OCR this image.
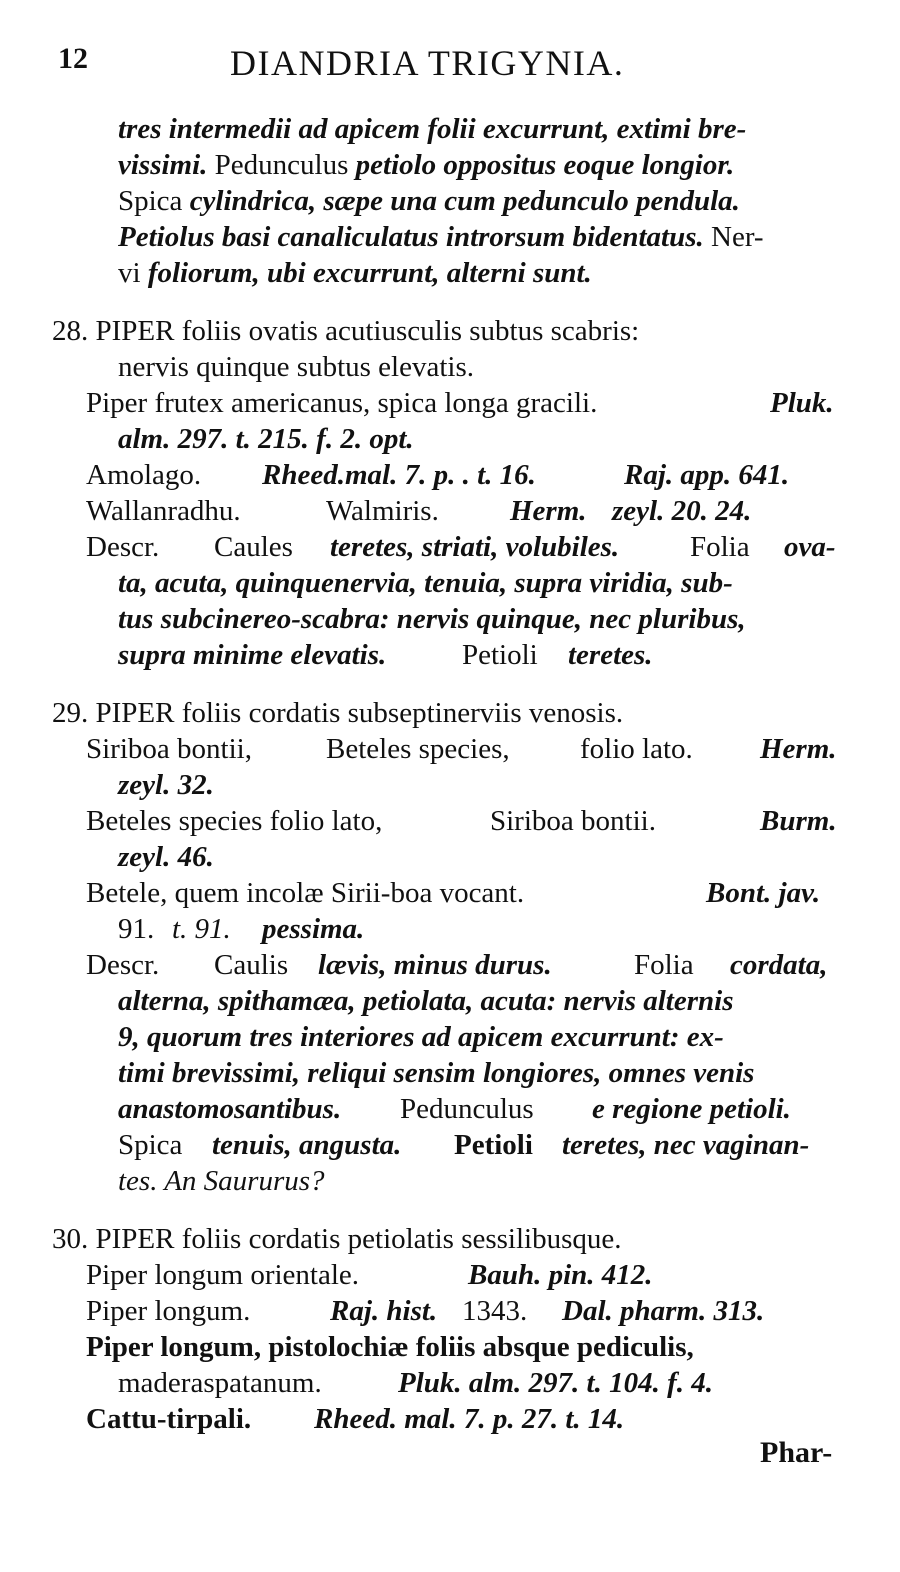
12	DIANDRIA TRIGYNIA.
tres intermedii ad apicem folii excurrunt, extimi bre-
vissimi. Pedunculus petiolo oppositus eoque longior.
Spica cylindrica, sæpe una cum pedunculo pendula.
Petiolus basi canaliculatus introrsum bidentatus. Ner-
vi foliorum, ubi excurrunt, alterni sunt.
28. PIPER foliis ovatis acutiusculis subtus scabris:
nervis quinque subtus elevatis.
Piper frutex americanus, spica longa gracili.	Pluk.
alm. 297. t. 215. f. 2. opt.
Amolago. Rheed.mal. 7. p. . t. 16.	Raj. app. 641.
Wallanradhu.	Walmiris. Herm. zeyl. 20. 24.
Descr. Caules teretes, striati, volubiles. Folia ova-
ta, acuta, quinquenervia, tenuia, supra viridia, sub-
tus subcinereo-scabra: nervis quinque, nec pluribus,
supra minime elevatis.	Petioli teretes.
29. PIPER foliis cordatis subseptinerviis venosis.
Siriboa bontii,	Beteles species, folio lato. Herm.
zeyl. 32.
Beteles species folio lato,	Siriboa bontii.	Burm.
zeyl. 46.
Betele, quem incolæ Sirii-boa vocant.	Bont. jav.
91. t. 91. pessima.
Descr. Caulis lævis, minus durus.	Folia cordata,
alterna, spithamæa, petiolata, acuta: nervis alternis
9, quorum tres interiores ad apicem excurrunt: ex-
timi brevissimi, reliqui sensim longiores, omnes venis
anastomosantibus. Pedunculus e regione petioli.
Spica tenuis, angusta. Petioli teretes, nec vaginan-
tes. An Saururus?
30. PIPER foliis cordatis petiolatis sessilibusque.
Piper longum orientale.	Bauh. pin. 412.
Piper longum.	Raj. hist. 1343. Dal. pharm. 313.
Piper longum, pistolochiæ foliis absque pediculis,
maderaspatanum.	Pluk. alm. 297. t. 104. f. 4.
Cattu-tirpali. Rheed. mal. 7. p. 27. t. 14.
Phar-
